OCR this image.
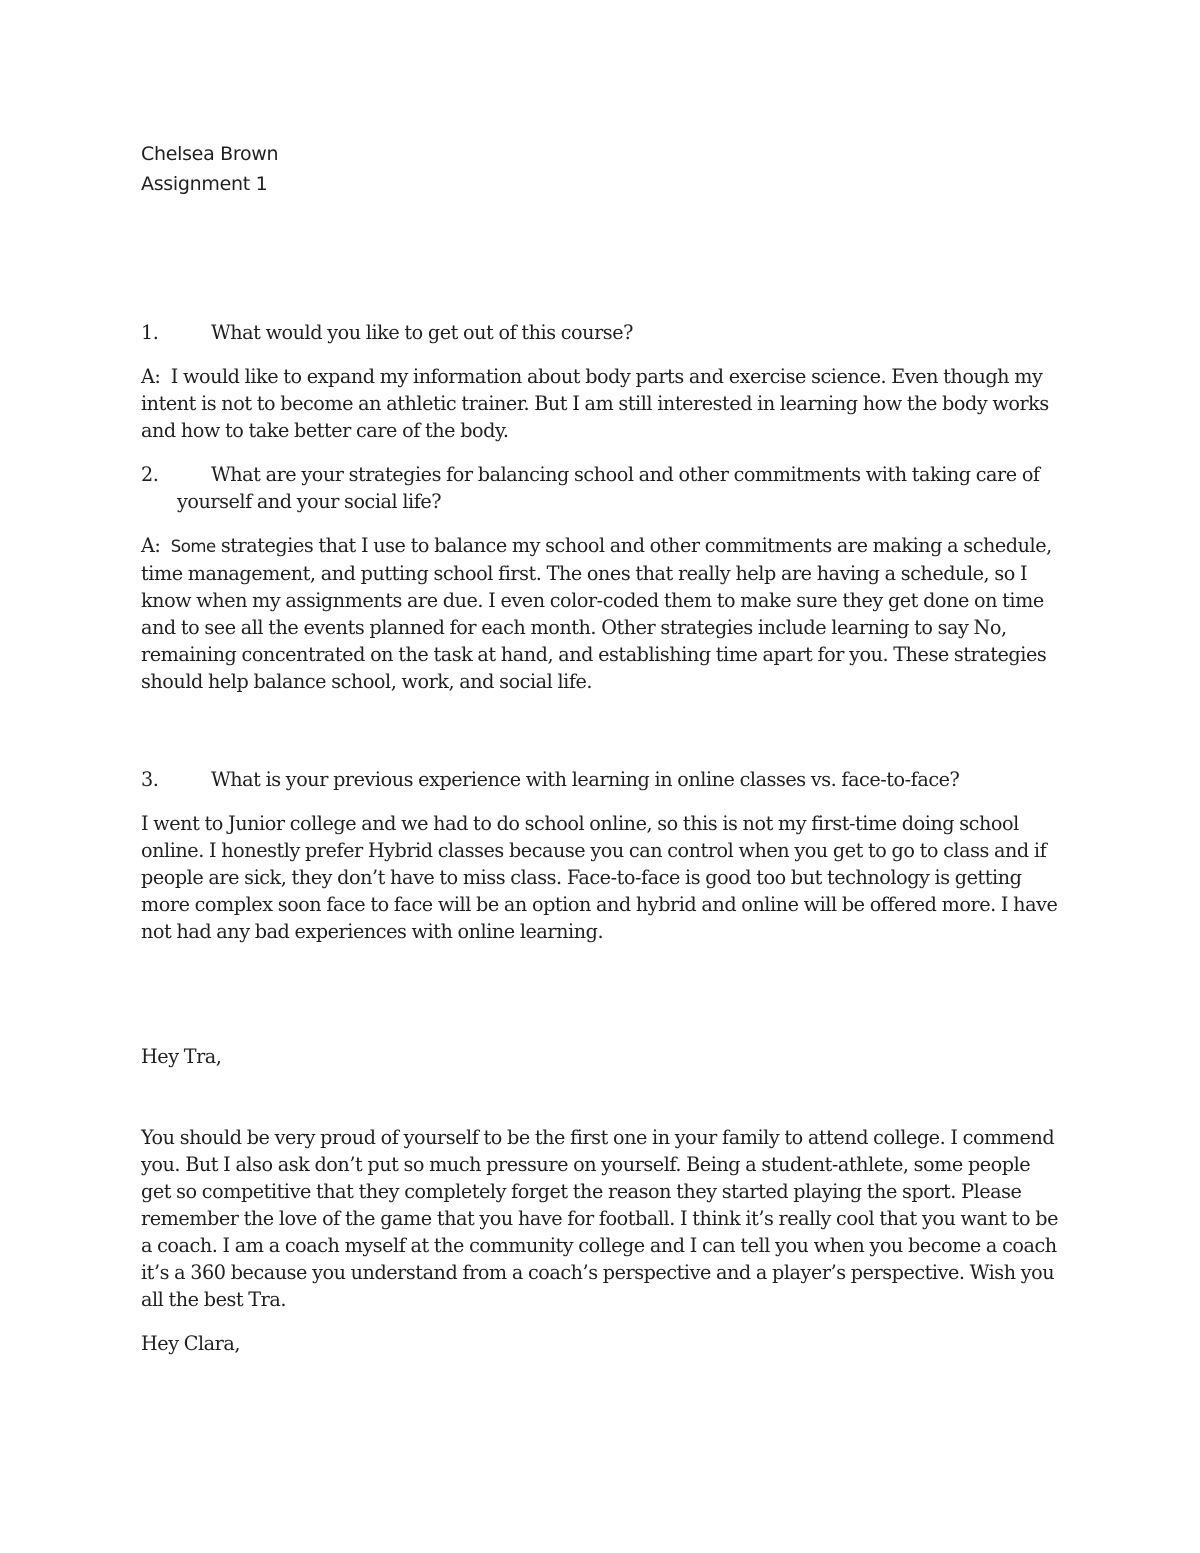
Chelsea Brown

Assignment 1

1.	What would you like to get out of this course?

A: I would like to expand my information about body parts and exercise science. Even though my intent is not to become an athletic trainer. But I am still interested in learning how the body works and how to take better care of the body.

2.	What are your strategies for balancing school and other commitments with taking care of
yourself and your social life?

A: Some strategies that I use to balance my school and other commitments are making a schedule, time management, and putting school first. The ones that really help are having a schedule, so I know when my assignments are due. I even color-coded them to make sure they get done on time and to see all the events planned for each month. Other strategies include learning to say No, remaining concentrated on the task at hand, and establishing time apart for you. These strategies should help balance school, work, and social life.

3.	What is your previous experience with learning in online classes vs. face-to-face?

I went to Junior college and we had to do school online, so this is not my first-time doing school online. I honestly prefer Hybrid classes because you can control when you get to go to class and if people are sick, they don’t have to miss class. Face-to-face is good too but technology is getting more complex soon face to face will be an option and hybrid and online will be offered more. I have not had any bad experiences with online learning.

Hey Tra,

You should be very proud of yourself to be the first one in your family to attend college. I commend you. But I also ask don’t put so much pressure on yourself. Being a student-athlete, some people get so competitive that they completely forget the reason they started playing the sport. Please remember the love of the game that you have for football. I think it’s really cool that you want to be a coach. I am a coach myself at the community college and I can tell you when you become a coach it’s a 360 because you understand from a coach’s perspective and a player’s perspective. Wish you all the best Tra.

Hey Clara,
